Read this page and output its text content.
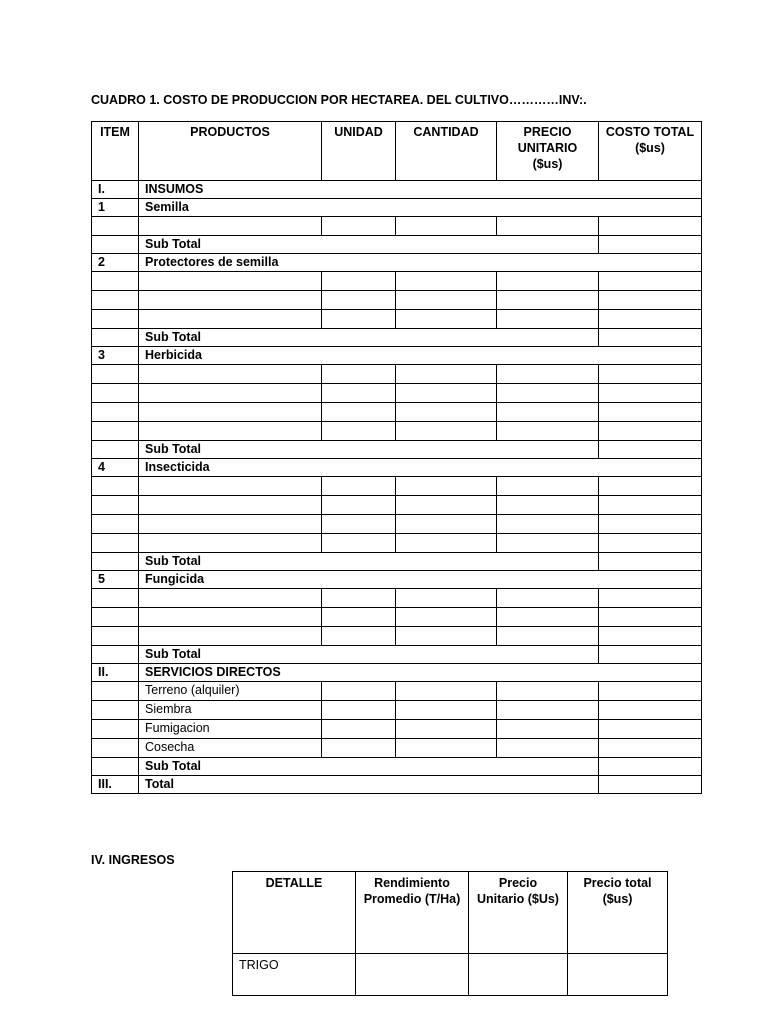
CUADRO 1. COSTO DE PRODUCCION POR HECTAREA. DEL CULTIVO…………INV:.
ITEM	PRODUCTOS	UNIDAD	CANTIDAD	PRECIO UNITARIO ($us)	COSTO TOTAL ($us)
I.	INSUMOS				
1	Semilla				

	Sub Total				
2	Protectores de semilla				

	Sub Total				
3	Herbicida				

	Sub Total				
4	Insecticida				

	Sub Total				
5	Fungicida				

	Sub Total				
II.	SERVICIOS DIRECTOS				
	Terreno (alquiler)				
	Siembra				
	Fumigacion				
	Cosecha				
	Sub Total				
III.	Total				
IV. INGRESOS
DETALLE	Rendimiento Promedio (T/Ha)	Precio Unitario ($Us)	Precio total ($us)
TRIGO			
